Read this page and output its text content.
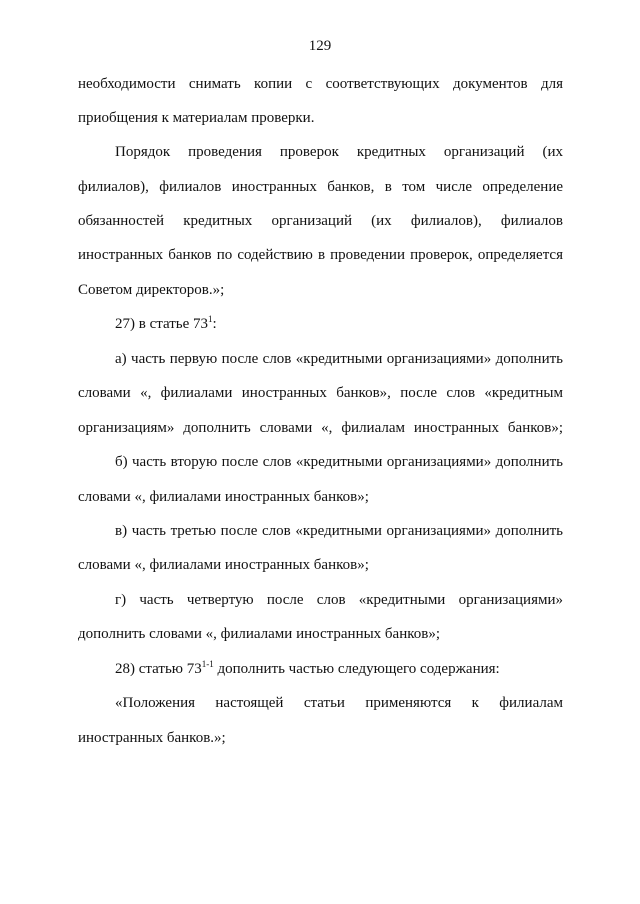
129
необходимости снимать копии с соответствующих документов для
приобщения к материалам проверки.
Порядок проведения проверок кредитных организаций (их
филиалов), филиалов иностранных банков, в том числе определение
обязанностей кредитных организаций (их филиалов), филиалов
иностранных банков по содействию в проведении проверок, определяется
Советом директоров.»;
27) в статье $73^1$:
а) часть первую после слов «кредитными организациями» дополнить
словами «, филиалами иностранных банков», после слов «кредитным
организациям» дополнить словами «, филиалам иностранных банков»;
б) часть вторую после слов «кредитными организациями» дополнить
словами «, филиалами иностранных банков»;
в) часть третью после слов «кредитными организациями» дополнить
словами «, филиалами иностранных банков»;
г) часть четвертую после слов «кредитными организациями»
дополнить словами «, филиалами иностранных банков»;
28) статью 73$^{1-1}$ дополнить частью следующего содержания:
«Положения настоящей статьи применяются к филиалам
иностранных банков.»;
